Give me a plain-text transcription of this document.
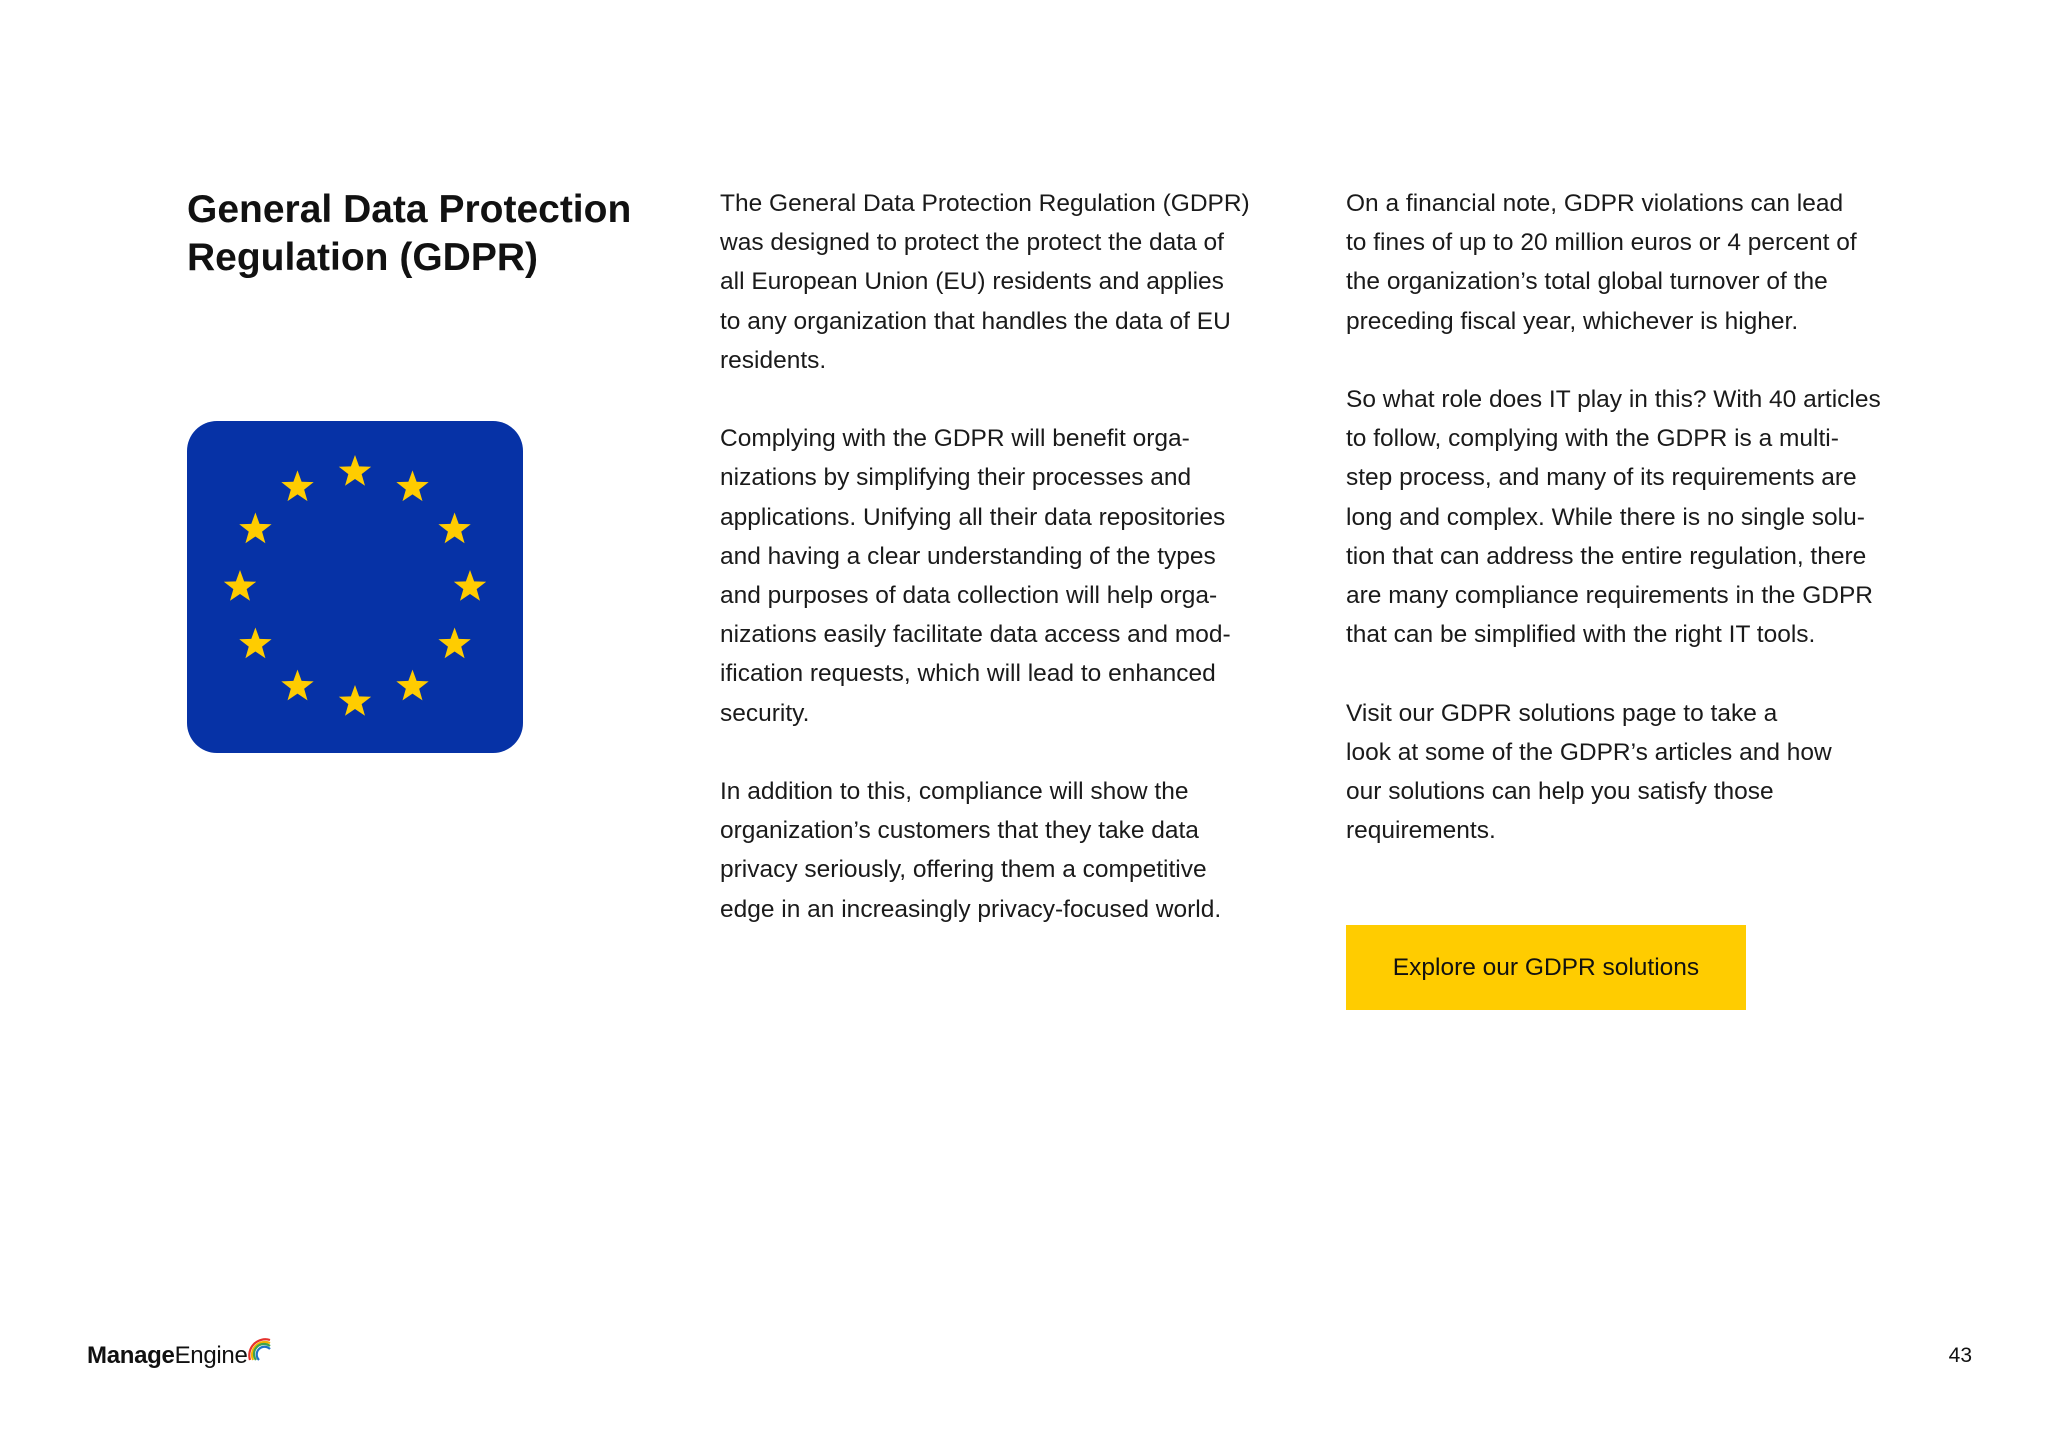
General Data Protection
Regulation (GDPR)

The General Data Protection Regulation (GDPR)
was designed to protect the protect the data of
all European Union (EU) residents and applies
to any organization that handles the data of EU
residents.

Complying with the GDPR will benefit orga-
nizations by simplifying their processes and
applications. Unifying all their data repositories
and having a clear understanding of the types
and purposes of data collection will help orga-
nizations easily facilitate data access and mod-
ification requests, which will lead to enhanced
security.

In addition to this, compliance will show the
organization’s customers that they take data
privacy seriously, offering them a competitive
edge in an increasingly privacy-focused world.

On a financial note, GDPR violations can lead
to fines of up to 20 million euros or 4 percent of
the organization’s total global turnover of the
preceding fiscal year, whichever is higher.

So what role does IT play in this? With 40 articles
to follow, complying with the GDPR is a multi-
step process, and many of its requirements are
long and complex. While there is no single solu-
tion that can address the entire regulation, there
are many compliance requirements in the GDPR
that can be simplified with the right IT tools.

Visit our GDPR solutions page to take a
look at some of the GDPR’s articles and how
our solutions can help you satisfy those
requirements.

Explore our GDPR solutions
ManageEngine	43
